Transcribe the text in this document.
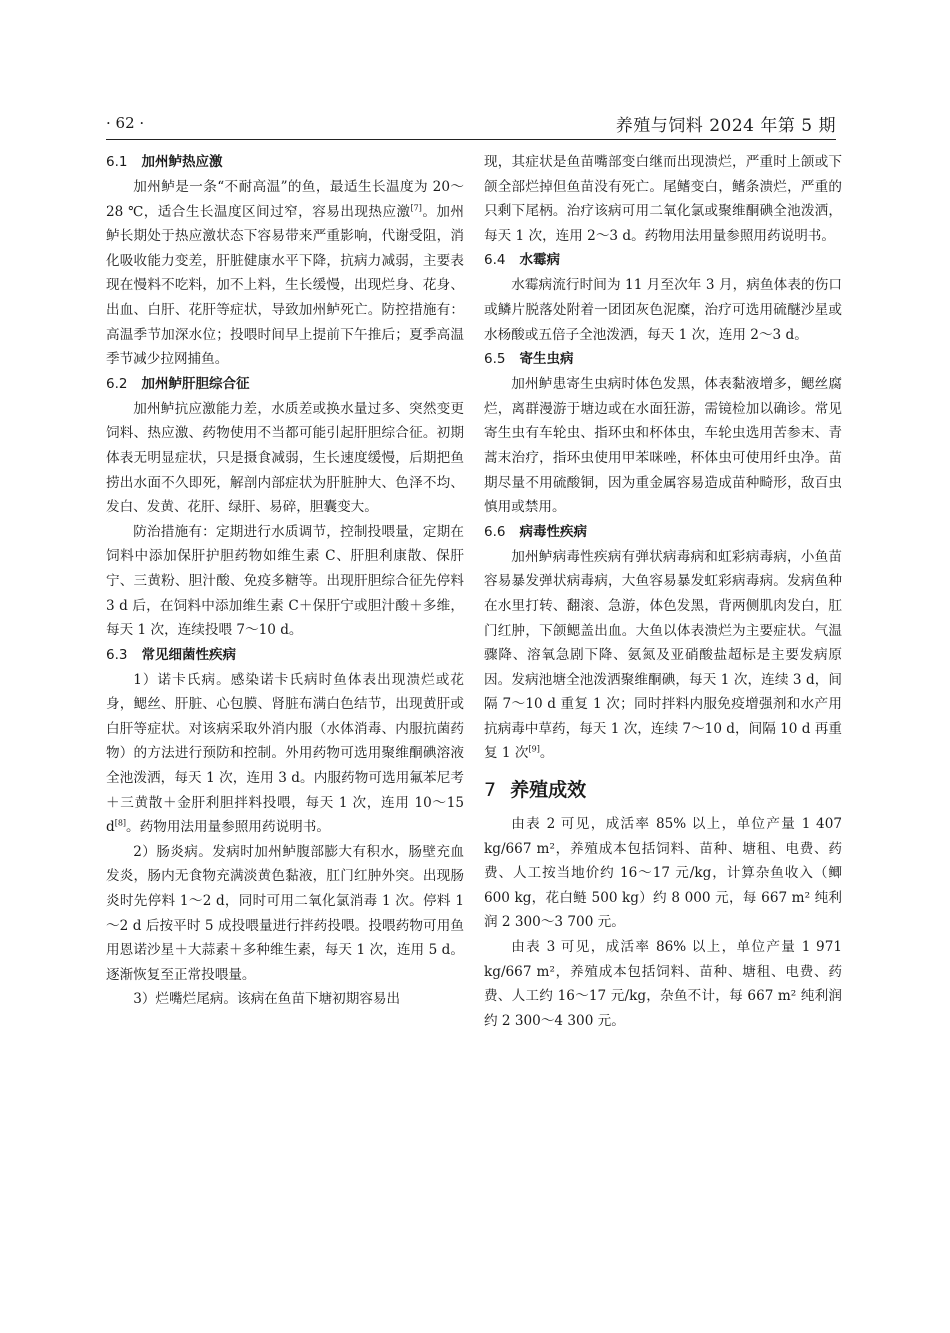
· 62 ·	养殖与饲料 2024 年第 5 期
6.1 加州鲈热应激

加州鲈是一条“不耐高温”的鱼，最适生长温度为 20～28 ℃，适合生长温度区间过窄，容易出现热应激[7]。加州鲈长期处于热应激状态下容易带来严重影响，代谢受阻，消化吸收能力变差，肝脏健康水平下降，抗病力减弱，主要表现在慢料不吃料，加不上料，生长缓慢，出现烂身、花身、出血、白肝、花肝等症状，导致加州鲈死亡。防控措施有：高温季节加深水位；投喂时间早上提前下午推后；夏季高温季节减少拉网捕鱼。

6.2 加州鲈肝胆综合征

加州鲈抗应激能力差，水质差或换水量过多、突然变更饲料、热应激、药物使用不当都可能引起肝胆综合征。初期体表无明显症状，只是摄食减弱，生长速度缓慢，后期把鱼捞出水面不久即死，解剖内部症状为肝脏肿大、色泽不均、发白、发黄、花肝、绿肝、易碎，胆囊变大。

防治措施有：定期进行水质调节，控制投喂量，定期在饲料中添加保肝护胆药物如维生素 C、肝胆利康散、保肝宁、三黄粉、胆汁酸、免疫多糖等。出现肝胆综合征先停料 3 d 后，在饲料中添加维生素 C＋保肝宁或胆汁酸＋多维，每天 1 次，连续投喂 7～10 d。

6.3 常见细菌性疾病

1）诺卡氏病。感染诺卡氏病时鱼体表出现溃烂或花身，鳃丝、肝脏、心包膜、肾脏布满白色结节，出现黄肝或白肝等症状。对该病采取外消内服（水体消毒、内服抗菌药物）的方法进行预防和控制。外用药物可选用聚维酮碘溶液全池泼洒，每天 1 次，连用 3 d。内服药物可选用氟苯尼考＋三黄散＋金肝利胆拌料投喂，每天 1 次，连用 10～15 d[8]。药物用法用量参照用药说明书。

2）肠炎病。发病时加州鲈腹部膨大有积水，肠壁充血发炎，肠内无食物充满淡黄色黏液，肛门红肿外突。出现肠炎时先停料 1～2 d，同时可用二氧化氯消毒 1 次。停料 1～2 d 后按平时 5 成投喂量进行拌药投喂。投喂药物可用鱼用恩诺沙星＋大蒜素＋多种维生素，每天 1 次，连用 5 d。逐渐恢复至正常投喂量。

3）烂嘴烂尾病。该病在鱼苗下塘初期容易出

现，其症状是鱼苗嘴部变白继而出现溃烂，严重时上颌或下颌全部烂掉但鱼苗没有死亡。尾鳍变白，鳍条溃烂，严重的只剩下尾柄。治疗该病可用二氧化氯或聚维酮碘全池泼洒，每天 1 次，连用 2～3 d。药物用法用量参照用药说明书。

6.4 水霉病

水霉病流行时间为 11 月至次年 3 月，病鱼体表的伤口或鳞片脱落处附着一团团灰色泥糜，治疗可选用硫醚沙星或水杨酸或五倍子全池泼洒，每天 1 次，连用 2～3 d。

6.5 寄生虫病

加州鲈患寄生虫病时体色发黑，体表黏液增多，鳃丝腐烂，离群漫游于塘边或在水面狂游，需镜检加以确诊。常见寄生虫有车轮虫、指环虫和杯体虫，车轮虫选用苦参末、青蒿末治疗，指环虫使用甲苯咪唑，杯体虫可使用纤虫净。苗期尽量不用硫酸铜，因为重金属容易造成苗种畸形，敌百虫慎用或禁用。

6.6 病毒性疾病

加州鲈病毒性疾病有弹状病毒病和虹彩病毒病，小鱼苗容易暴发弹状病毒病，大鱼容易暴发虹彩病毒病。发病鱼种在水里打转、翻滚、急游，体色发黑，背两侧肌肉发白，肛门红肿，下颌鳃盖出血。大鱼以体表溃烂为主要症状。气温骤降、溶氧急剧下降、氨氮及亚硝酸盐超标是主要发病原因。发病池塘全池泼洒聚维酮碘，每天 1 次，连续 3 d，间隔 7～10 d 重复 1 次；同时拌料内服免疫增强剂和水产用抗病毒中草药，每天 1 次，连续 7～10 d，间隔 10 d 再重复 1 次[9]。

7 养殖成效

由表 2 可见，成活率 85% 以上，单位产量 1 407 kg/667 m²，养殖成本包括饲料、苗种、塘租、电费、药费、人工按当地价约 16～17 元/kg，计算杂鱼收入（鲫 600 kg，花白鲢 500 kg）约 8 000 元，每 667 m² 纯利润 2 300～3 700 元。

由表 3 可见，成活率 86% 以上，单位产量 1 971 kg/667 m²，养殖成本包括饲料、苗种、塘租、电费、药费、人工约 16～17 元/kg，杂鱼不计，每 667 m² 纯利润约 2 300～4 300 元。
